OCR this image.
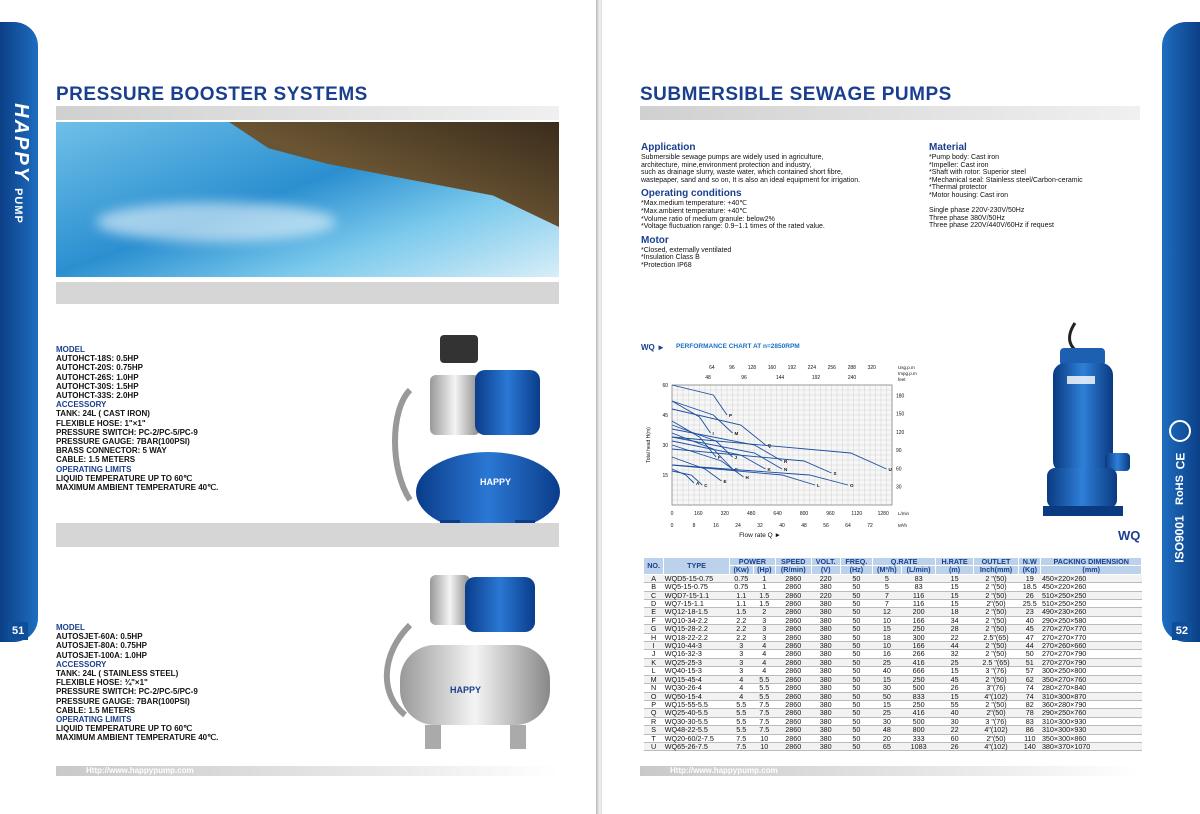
HAPPYPUMP
51
PRESSURE BOOSTER SYSTEMS
MODEL
AUTOHCT-18S: 0.5HP
AUTOHCT-20S: 0.75HP
AUTOHCT-26S: 1.0HP
AUTOHCT-30S: 1.5HP
AUTOHCT-33S: 2.0HP
ACCESSORY
TANK: 24L ( CAST IRON)
FLEXIBLE HOSE: 1"×1"
PRESSURE SWITCH: PC-2/PC-5/PC-9
PRESSURE GAUGE: 7BAR(100PSI)
BRASS CONNECTOR: 5 WAY
CABLE: 1.5 METERS
OPERATING LIMITS
LIQUID TEMPERATURE UP TO 60℃
MAXIMUM AMBIENT TEMPERATURE 40℃.
HAPPY
MODEL
AUTOSJET-60A: 0.5HP
AUTOSJET-80A: 0.75HP
AUTOSJET-100A: 1.0HP
ACCESSORY
TANK: 24L ( STAINLESS STEEL)
FLEXIBLE HOSE: ¾"×1"
PRESSURE SWITCH: PC-2/PC-5/PC-9
PRESSURE GAUGE: 7BAR(100PSI)
CABLE: 1.5 METERS
OPERATING LIMITS
LIQUID TEMPERATURE UP TO 60℃
MAXIMUM AMBIENT TEMPERATURE 40℃.
HAPPY
Http://www.happypump.com
52
SUBMERSIBLE SEWAGE PUMPS
Application
Submersible sewage pumps are widely used in agriculture,
architecture, mine,environment protection and industry,
such as drainage slurry, waste water, which contained short fibre,
wastepaper, sand and so on, It is also an ideal equipment for irrigation.
Operating conditions
*Max.medium temperature: +40℃
*Max.ambient temperature: +40℃
*Volume ratio of medium granule: below2%
*Voltage fluctuation range: 0.9~1.1 times of the rated value.
Motor
*Closed, externally ventilated
*Insulation Class B
*Protection IP68
Material
*Pump body: Cast iron
*Impeller: Cast iron
*Shaft with rotor: Superior steel
*Mechanical seal: Stainless steel/Carbon-ceramic
*Thermal protector
*Motor housing: Cast iron

Single phase 220V-230V/50Hz
Three phase 380V/50Hz
Three phase 220V/440V/60Hz if request
WQ ► PERFORMANCE CHART AT n=2850RPM
15
30
45
60
30
60
90
120
150
180
0	8	16	24	32	40	48	56	64	72
0	160	320	480	640	800	960	1120	1280
64	96	128 160 192 224 256 288 320
48	96	144	192	240
Usg.p.m
Impg.p.m
feet
L/min
M³/h
Flow rate Q ►
Total head H(m)
A C
E
F
G
H
I
J
K
L
M
N
O
P
Q
R
S
U
WQ
CE
RoHS
ISO9001
NO.	TYPE	POWER		SPEED	VOLT.	FREQ.	Q.RATE		H.RATE	OUTLET	N.W	PACKING DIMENSION
		(Kw)	(Hp)	(R/min)	(V)	(Hz)	(M³/h)	(L/min)	(m)	Inch(mm)	(Kg)	(mm)
A	WQD5-15-0.75	0.75	1	2860	220	50	5	83	15	2 "(50)	19	450×220×260
B	WQ5-15-0.75	0.75	1	2860	380	50	5	83	15	2 "(50)	18.5	450×220×260
C	WQD7-15-1.1	1.1	1.5	2860	220	50	7	116	15	2 "(50)	26	510×250×250
D	WQ7-15-1.1	1.1	1.5	2860	380	50	7	116	15	2"(50)	25.5	510×250×250
E	WQ12-18-1.5	1.5	2	2860	380	50	12	200	18	2 "(50)	23	490×230×260
F	WQ10-34-2.2	2.2	3	2860	380	50	10	166	34	2 "(50)	40	290×250×580
G	WQ15-28-2.2	2.2	3	2860	380	50	15	250	28	2 "(50)	45	270×270×770
H	WQ18-22-2.2	2.2	3	2860	380	50	18	300	22	2.5"(65)	47	270×270×770
I	WQ10-44-3	3	4	2860	380	50	10	166	44	2 "(50)	44	270×260×660
J	WQ16-32-3	3	4	2860	380	50	16	266	32	2 "(50)	50	270×270×790
K	WQ25-25-3	3	4	2860	380	50	25	416	25	2.5 "(65)	51	270×270×790
L	WQ40-15-3	3	4	2860	380	50	40	666	15	3 "(76)	57	300×250×800
M	WQ15-45-4	4	5.5	2860	380	50	15	250	45	2 "(50)	62	350×270×760
N	WQ30-26-4	4	5.5	2860	380	50	30	500	26	3"(76)	74	280×270×840
O	WQ50-15-4	4	5.5	2860	380	50	50	833	15	4"(102)	74	310×300×870
P	WQ15-55-5.5	5.5	7.5	2860	380	50	15	250	55	2 "(50)	82	360×280×790
Q	WQ25-40-5.5	5.5	7.5	2860	380	50	25	416	40	2"(50)	78	290×250×760
R	WQ30-30-5.5	5.5	7.5	2860	380	50	30	500	30	3 "(76)	83	310×300×930
S	WQ48-22-5.5	5.5	7.5	2860	380	50	48	800	22	4"(102)	86	310×300×930
T	WQ20-60/2-7.5	7.5	10	2860	380	50	20	333	60	2"(50)	110	350×300×860
U	WQ65-26-7.5	7.5	10	2860	380	50	65	1083	26	4"(102)	140	380×370×1070
Http://www.happypump.com
